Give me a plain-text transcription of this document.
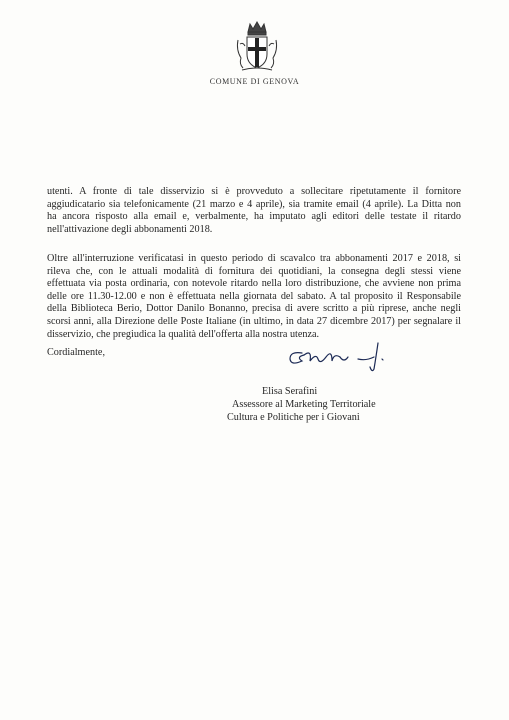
COMUNE DI GENOVA
utenti. A fronte di tale disservizio si è provveduto a sollecitare ripetutamente il fornitore
aggiudicatario sia telefonicamente (21 marzo e 4 aprile), sia tramite email (4 aprile). La Ditta non
ha ancora risposto alla email e, verbalmente, ha imputato agli editori delle testate il ritardo
nell'attivazione degli abbonamenti 2018.
Oltre all'interruzione verificatasi in questo periodo di scavalco tra abbonamenti 2017 e 2018, si
rileva che, con le attuali modalità di fornitura dei quotidiani, la consegna degli stessi viene
effettuata via posta ordinaria, con notevole ritardo nella loro distribuzione, che avviene non prima
delle ore 11.30-12.00 e non è effettuata nella giornata del sabato. A tal proposito il Responsabile
della Biblioteca Berio, Dottor Danilo Bonanno, precisa di avere scritto a più riprese, anche negli
scorsi anni, alla Direzione delle Poste Italiane (in ultimo, in data 27 dicembre 2017) per segnalare il
disservizio, che pregiudica la qualità dell'offerta alla nostra utenza.
Cordialmente,
Elisa Serafini
Assessore al Marketing Territoriale
Cultura e Politiche per i Giovani
